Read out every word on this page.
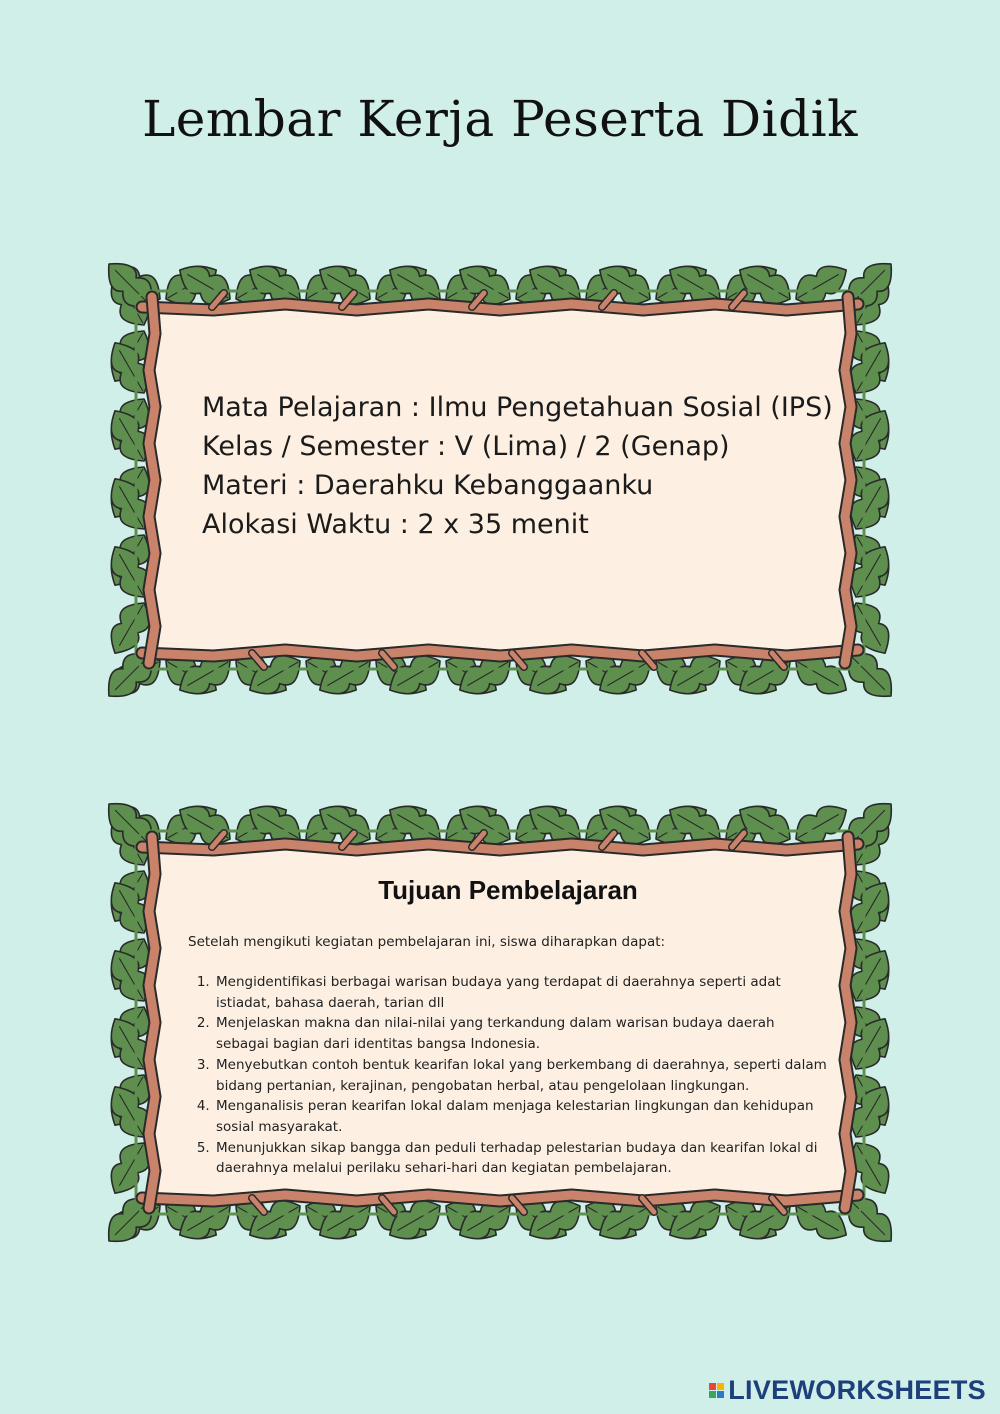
Lembar Kerja Peserta Didik
Mata Pelajaran : Ilmu Pengetahuan Sosial (IPS)
Kelas / Semester : V (Lima) / 2 (Genap)
Materi : Daerahku Kebanggaanku
Alokasi Waktu : 2 x 35 menit
Tujuan Pembelajaran
Setelah mengikuti kegiatan pembelajaran ini, siswa diharapkan dapat:
1. Mengidentifikasi berbagai warisan budaya yang terdapat di daerahnya seperti adat istiadat, bahasa daerah, tarian dll
2. Menjelaskan makna dan nilai-nilai yang terkandung dalam warisan budaya daerah sebagai bagian dari identitas bangsa Indonesia.
3. Menyebutkan contoh bentuk kearifan lokal yang berkembang di daerahnya, seperti dalam bidang pertanian, kerajinan, pengobatan herbal, atau pengelolaan lingkungan.
4. Menganalisis peran kearifan lokal dalam menjaga kelestarian lingkungan dan kehidupan sosial masyarakat.
5. Menunjukkan sikap bangga dan peduli terhadap pelestarian budaya dan kearifan lokal di daerahnya melalui perilaku sehari-hari dan kegiatan pembelajaran.
LIVEWORKSHEETS
